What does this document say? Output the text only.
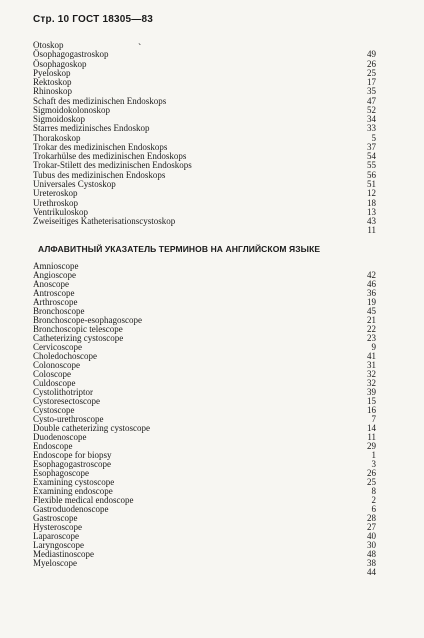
Стр. 10 ГОСТ 18305—83
`
Otoskop
Ösophagogastroskop	49
Ösophagoskop	26
Pyeloskop	25
Rektoskop	17
Rhinoskop	35
Schaft des medizinischen Endoskops	47
Sigmoidokolonoskop	52
Sigmoidoskop	34
Starres medizinisches Endoskop	33
Thorakoskop	5
Trokar des medizinischen Endoskops	37
Trokarhülse des medizinischen Endoskops	54
Trokar-Stilett des medizinischen Endoskops	55
Tubus des medizinischen Endoskops	56
Universales Cystoskop	51
Ureteroskop	12
Urethroskop	18
Ventrikuloskop	13
Zweiseitiges Katheterisationscystoskop	43
11
АЛФАВИТНЫЙ УКАЗАТЕЛЬ ТЕРМИНОВ НА АНГЛИЙСКОМ ЯЗЫКЕ
Amnioscope
Angioscope	42
Anoscope	46
Antroscope	36
Arthroscope	19
Bronchoscope	45
Bronchoscope-esophagoscope	21
Bronchoscopic telescope	22
Catheterizing cystoscope	23
Cervicoscope	9
Choledochoscope	41
Colonoscope	31
Coloscope	32
Culdoscope	32
Cystolithotriptor	39
Cystoresectoscope	15
Cystoscope	16
Cysto-urethroscope	7
Double catheterizing cystoscope	14
Duodenoscope	11
Endoscope	29
Endoscope for biopsy	1
Esophagogastroscope	3
Esophagoscope	26
Examining cystoscope	25
Examining endoscope	8
Flexible medical endoscope	2
Gastroduodenoscope	6
Gastroscope	28
Hysteroscope	27
Laparoscope	40
Laryngoscope	30
Mediastinoscope	48
Myeloscope	38
44
